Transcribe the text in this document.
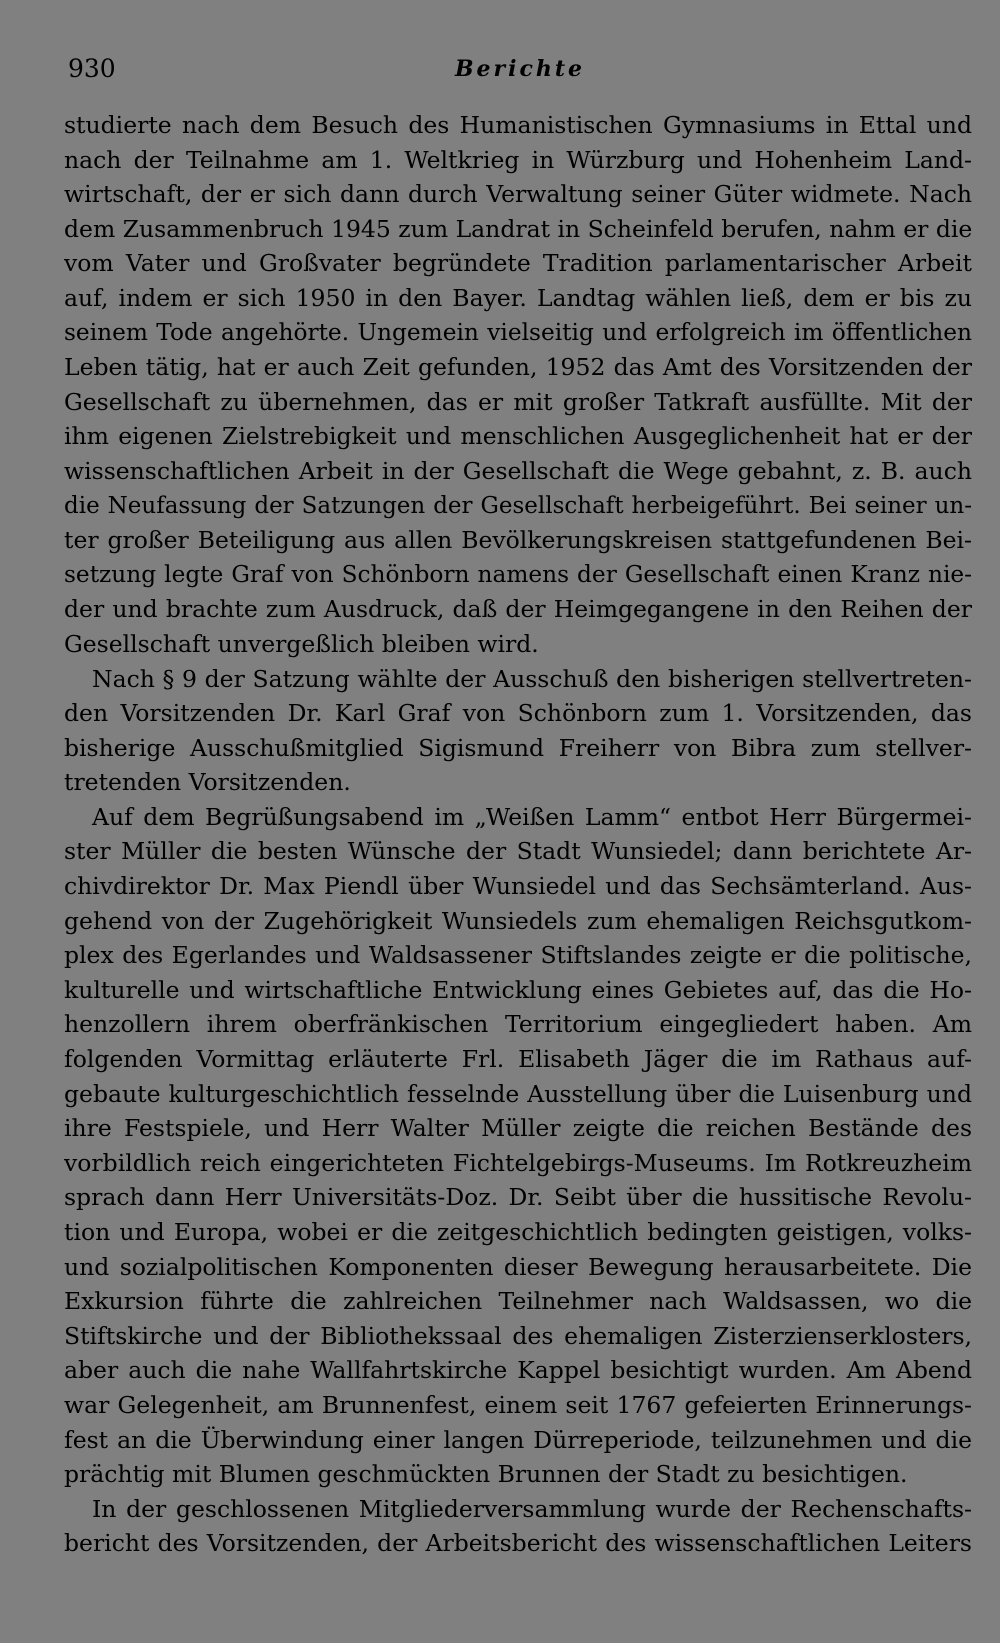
930	Berichte
studierte nach dem Besuch des Humanistischen Gymnasiums in Ettal und
nach der Teilnahme am 1. Weltkrieg in Würzburg und Hohenheim Land-
wirtschaft, der er sich dann durch Verwaltung seiner Güter widmete. Nach
dem Zusammenbruch 1945 zum Landrat in Scheinfeld berufen, nahm er die
vom Vater und Großvater begründete Tradition parlamentarischer Arbeit
auf, indem er sich 1950 in den Bayer. Landtag wählen ließ, dem er bis zu
seinem Tode angehörte. Ungemein vielseitig und erfolgreich im öffentlichen
Leben tätig, hat er auch Zeit gefunden, 1952 das Amt des Vorsitzenden der
Gesellschaft zu übernehmen, das er mit großer Tatkraft ausfüllte. Mit der
ihm eigenen Zielstrebigkeit und menschlichen Ausgeglichenheit hat er der
wissenschaftlichen Arbeit in der Gesellschaft die Wege gebahnt, z. B. auch
die Neufassung der Satzungen der Gesellschaft herbeigeführt. Bei seiner un-
ter großer Beteiligung aus allen Bevölkerungskreisen stattgefundenen Bei-
setzung legte Graf von Schönborn namens der Gesellschaft einen Kranz nie-
der und brachte zum Ausdruck, daß der Heimgegangene in den Reihen der
Gesellschaft unvergeßlich bleiben wird.
Nach § 9 der Satzung wählte der Ausschuß den bisherigen stellvertreten-
den Vorsitzenden Dr. Karl Graf von Schönborn zum 1. Vorsitzenden, das
bisherige Ausschußmitglied Sigismund Freiherr von Bibra zum stellver-
tretenden Vorsitzenden.
Auf dem Begrüßungsabend im „Weißen Lamm“ entbot Herr Bürgermei-
ster Müller die besten Wünsche der Stadt Wunsiedel; dann berichtete Ar-
chivdirektor Dr. Max Piendl über Wunsiedel und das Sechsämterland. Aus-
gehend von der Zugehörigkeit Wunsiedels zum ehemaligen Reichsgutkom-
plex des Egerlandes und Waldsassener Stiftslandes zeigte er die politische,
kulturelle und wirtschaftliche Entwicklung eines Gebietes auf, das die Ho-
henzollern ihrem oberfränkischen Territorium eingegliedert haben. Am
folgenden Vormittag erläuterte Frl. Elisabeth Jäger die im Rathaus auf-
gebaute kulturgeschichtlich fesselnde Ausstellung über die Luisenburg und
ihre Festspiele, und Herr Walter Müller zeigte die reichen Bestände des
vorbildlich reich eingerichteten Fichtelgebirgs-Museums. Im Rotkreuzheim
sprach dann Herr Universitäts-Doz. Dr. Seibt über die hussitische Revolu-
tion und Europa, wobei er die zeitgeschichtlich bedingten geistigen, volks-
und sozialpolitischen Komponenten dieser Bewegung herausarbeitete. Die
Exkursion führte die zahlreichen Teilnehmer nach Waldsassen, wo die
Stiftskirche und der Bibliothekssaal des ehemaligen Zisterzienserklosters,
aber auch die nahe Wallfahrtskirche Kappel besichtigt wurden. Am Abend
war Gelegenheit, am Brunnenfest, einem seit 1767 gefeierten Erinnerungs-
fest an die Überwindung einer langen Dürreperiode, teilzunehmen und die
prächtig mit Blumen geschmückten Brunnen der Stadt zu besichtigen.
In der geschlossenen Mitgliederversammlung wurde der Rechenschafts-
bericht des Vorsitzenden, der Arbeitsbericht des wissenschaftlichen Leiters
